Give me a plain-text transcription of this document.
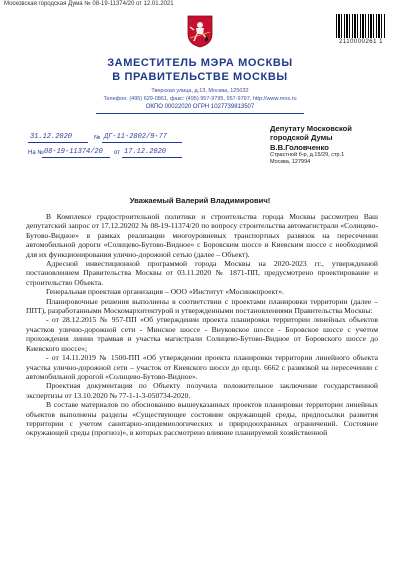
Московская городская Дума № 08-19-11374/20 от 12.01.2021
2110000261 1
ЗАМЕСТИТЕЛЬ МЭРА МОСКВЫ
В ПРАВИТЕЛЬСТВЕ МОСКВЫ
Тверская улица, д.13, Москва, 125032
Телефон: (495) 629-0861, факс: (495) 957-9795, 957-9797, http://www.mos.ru
ОКПО 00022020 ОГРН 1027739813507
31.12.2020	№ ДГ-11-2802/9-77
На № 08-19-11374/20 от 17.12.2020
Депутату Московской
городской Думы
В.В.Головченко
Страстной б-р, д.15/29, стр.1
Москва, 127994
Уважаемый Валерий Владимирович!

В Комплексе градостроительной политики и строительства города Москвы рассмотрен Ваш депутатский запрос от 17.12.20202 № 08-19-11374/20 по вопросу строительства автомагистрали «Солнцево-Бутово-Видное» в рамках реализации многоуровневых транспортных развязок на пересечении автомобильной дороги «Солнцево-Бутово-Видное» с Боровским шоссе и Киевским шоссе с необходимой для их функционирования улично-дорожной сетью (далее – Объект).

Адресной инвестиционной программой города Москвы на 2020-2023 гг., утвержденной постановлением Правительства Москвы от 03.11.2020 № 1871-ПП, предусмотрено проектирование и строительство Объекта.

Генеральная проектная организация – ООО «Институт «Мосинжпроект».

Планировочные решения выполнены в соответствии с проектами планировки территории (далее – ППТ), разработанными Москомархитектурой и утвержденными постановлениями Правительства Москвы:

- от 28.12.2015 № 957-ПП «Об утверждении проекта планировки территории линейных объектов участков улично-дорожной сети - Минское шоссе - Внуковское шоссе - Боровское шоссе с учетом прохождения линии трамвая и участка магистрали Солнцево-Бутово-Видное от Боровского шоссе до Киевского шоссе»;

- от 14.11.2019 № 1500-ПП «Об утверждении проекта планировки территории линейного объекта участка улично-дорожной сети – участок от Киевского шоссе до пр.пр. 6662 с развязкой на пересечении с автомобильной дорогой «Солнцево-Бутово-Видное».

Проектная документация по Объекту получила положительное заключение государственной экспертизы от 13.10.2020 № 77-1-1-3-050734-2020.

В составе материалов по обоснованию вышеуказанных проектов планировки территории линейных объектов выполнены разделы «Существующее состояние окружающей среды, предпосылки развития территории с учетом санитарно-эпидемиологических и природоохранных ограничений. Состояние окружающей среды (прогноз)», в которых рассмотрено влияние планируемой хозяйственной
